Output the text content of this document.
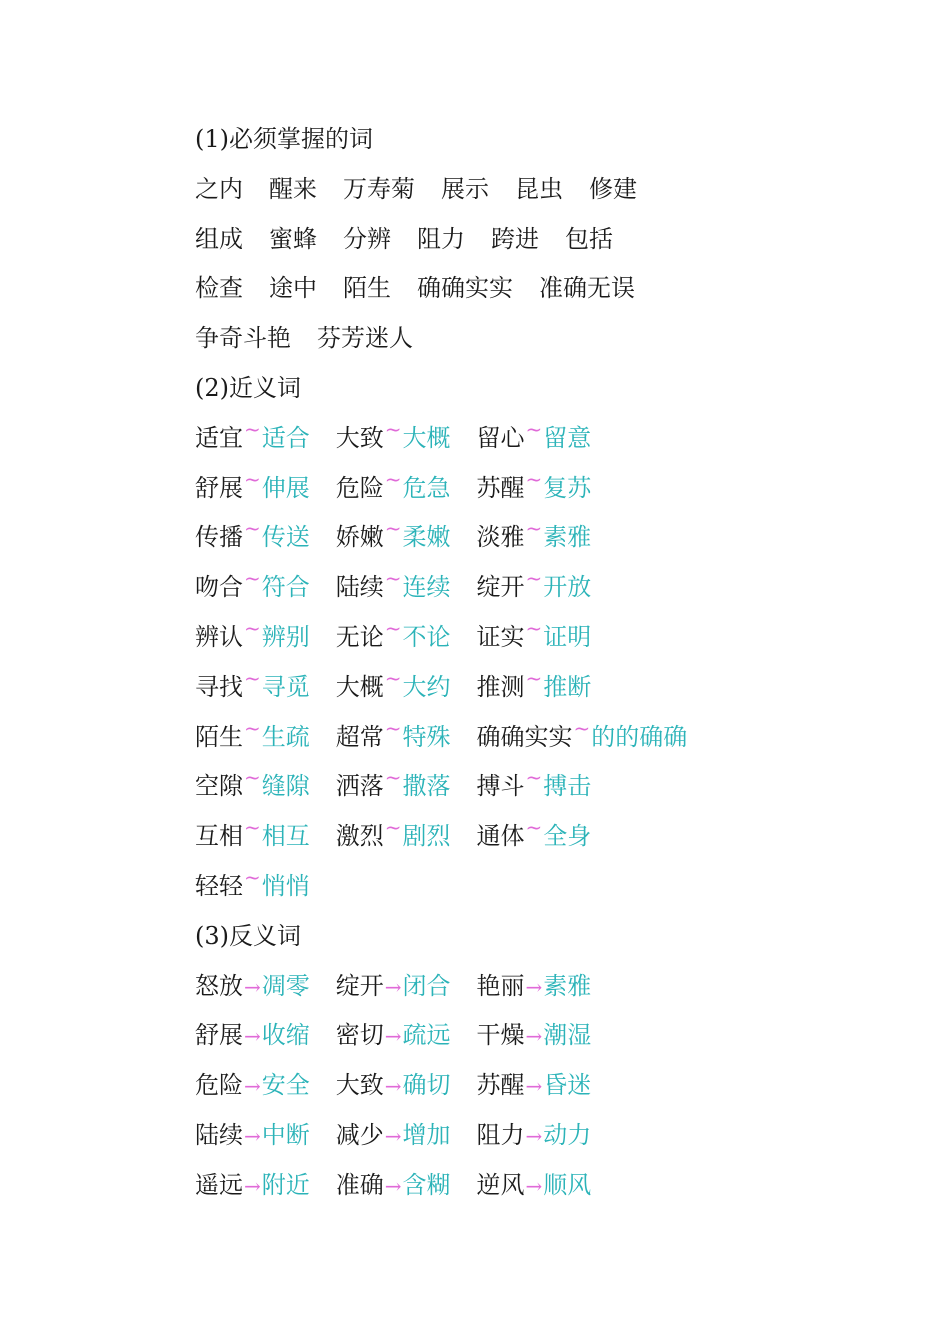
(1)必须掌握的词
之内 醒来 万寿菊 展示 昆虫 修建
组成 蜜蜂 分辨 阻力 跨进 包括
检查 途中 陌生 确确实实 准确无误
争奇斗艳 芬芳迷人
(2)近义词
适宜~适合 大致~大概 留心~留意
舒展~伸展 危险~危急 苏醒~复苏
传播~传送 娇嫩~柔嫩 淡雅~素雅
吻合~符合 陆续~连续 绽开~开放
辨认~辨别 无论~不论 证实~证明
寻找~寻觅 大概~大约 推测~推断
陌生~生疏 超常~特殊 确确实实~的的确确
空隙~缝隙 洒落~撒落 搏斗~搏击
互相~相互 激烈~剧烈 通体~全身
轻轻~悄悄
(3)反义词
怒放→凋零 绽开→闭合 艳丽→素雅
舒展→收缩 密切→疏远 干燥→潮湿
危险→安全 大致→确切 苏醒→昏迷
陆续→中断 减少→增加 阻力→动力
遥远→附近 准确→含糊 逆风→顺风
